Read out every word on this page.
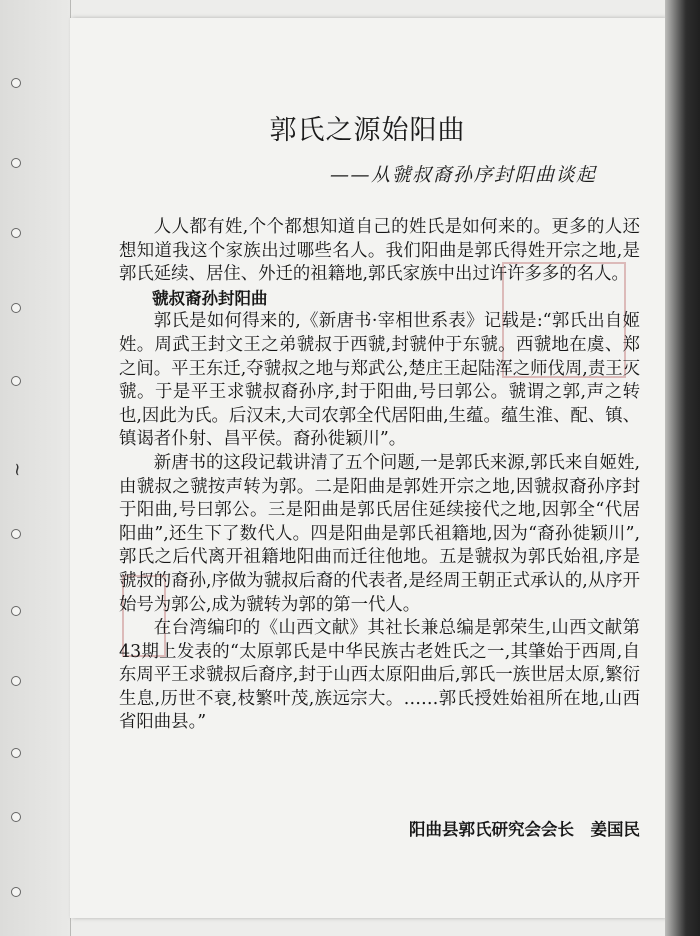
~
郭氏之源始阳曲
——从虢叔裔孙序封阳曲谈起

人人都有姓,个个都想知道自己的姓氏是如何来的。更多的人还想知道我这个家族出过哪些名人。我们阳曲是郭氏得姓开宗之地,是郭氏延续、居住、外迁的祖籍地,郭氏家族中出过许许多多的名人。

虢叔裔孙封阳曲

郭氏是如何得来的,《新唐书·宰相世系表》记载是:“郭氏出自姬姓。周武王封文王之弟虢叔于西虢,封虢仲于东虢。西虢地在虞、郑之间。平王东迁,夺虢叔之地与郑武公,楚庄王起陆浑之师伐周,责王灭虢。于是平王求虢叔裔孙序,封于阳曲,号曰郭公。虢谓之郭,声之转也,因此为氏。后汉末,大司农郭全代居阳曲,生蕴。蕴生淮、配、镇、镇谒者仆射、昌平侯。裔孙徙颖川”。

新唐书的这段记载讲清了五个问题,一是郭氏来源,郭氏来自姬姓,由虢叔之虢按声转为郭。二是阳曲是郭姓开宗之地,因虢叔裔孙序封于阳曲,号曰郭公。三是阳曲是郭氏居住延续接代之地,因郭全“代居阳曲”,还生下了数代人。四是阳曲是郭氏祖籍地,因为“裔孙徙颖川”,郭氏之后代离开祖籍地阳曲而迁往他地。五是虢叔为郭氏始祖,序是虢叔的裔孙,序做为虢叔后裔的代表者,是经周王朝正式承认的,从序开始号为郭公,成为虢转为郭的第一代人。

在台湾编印的《山西文献》其社长兼总编是郭荣生,山西文献第43期上发表的“太原郭氏是中华民族古老姓氏之一,其肇始于西周,自东周平王求虢叔后裔序,封于山西太原阳曲后,郭氏一族世居太原,繁衍生息,历世不衰,枝繁叶茂,族远宗大。……郭氏授姓始祖所在地,山西省阳曲县。”

阳曲县郭氏研究会会长　姜国民
